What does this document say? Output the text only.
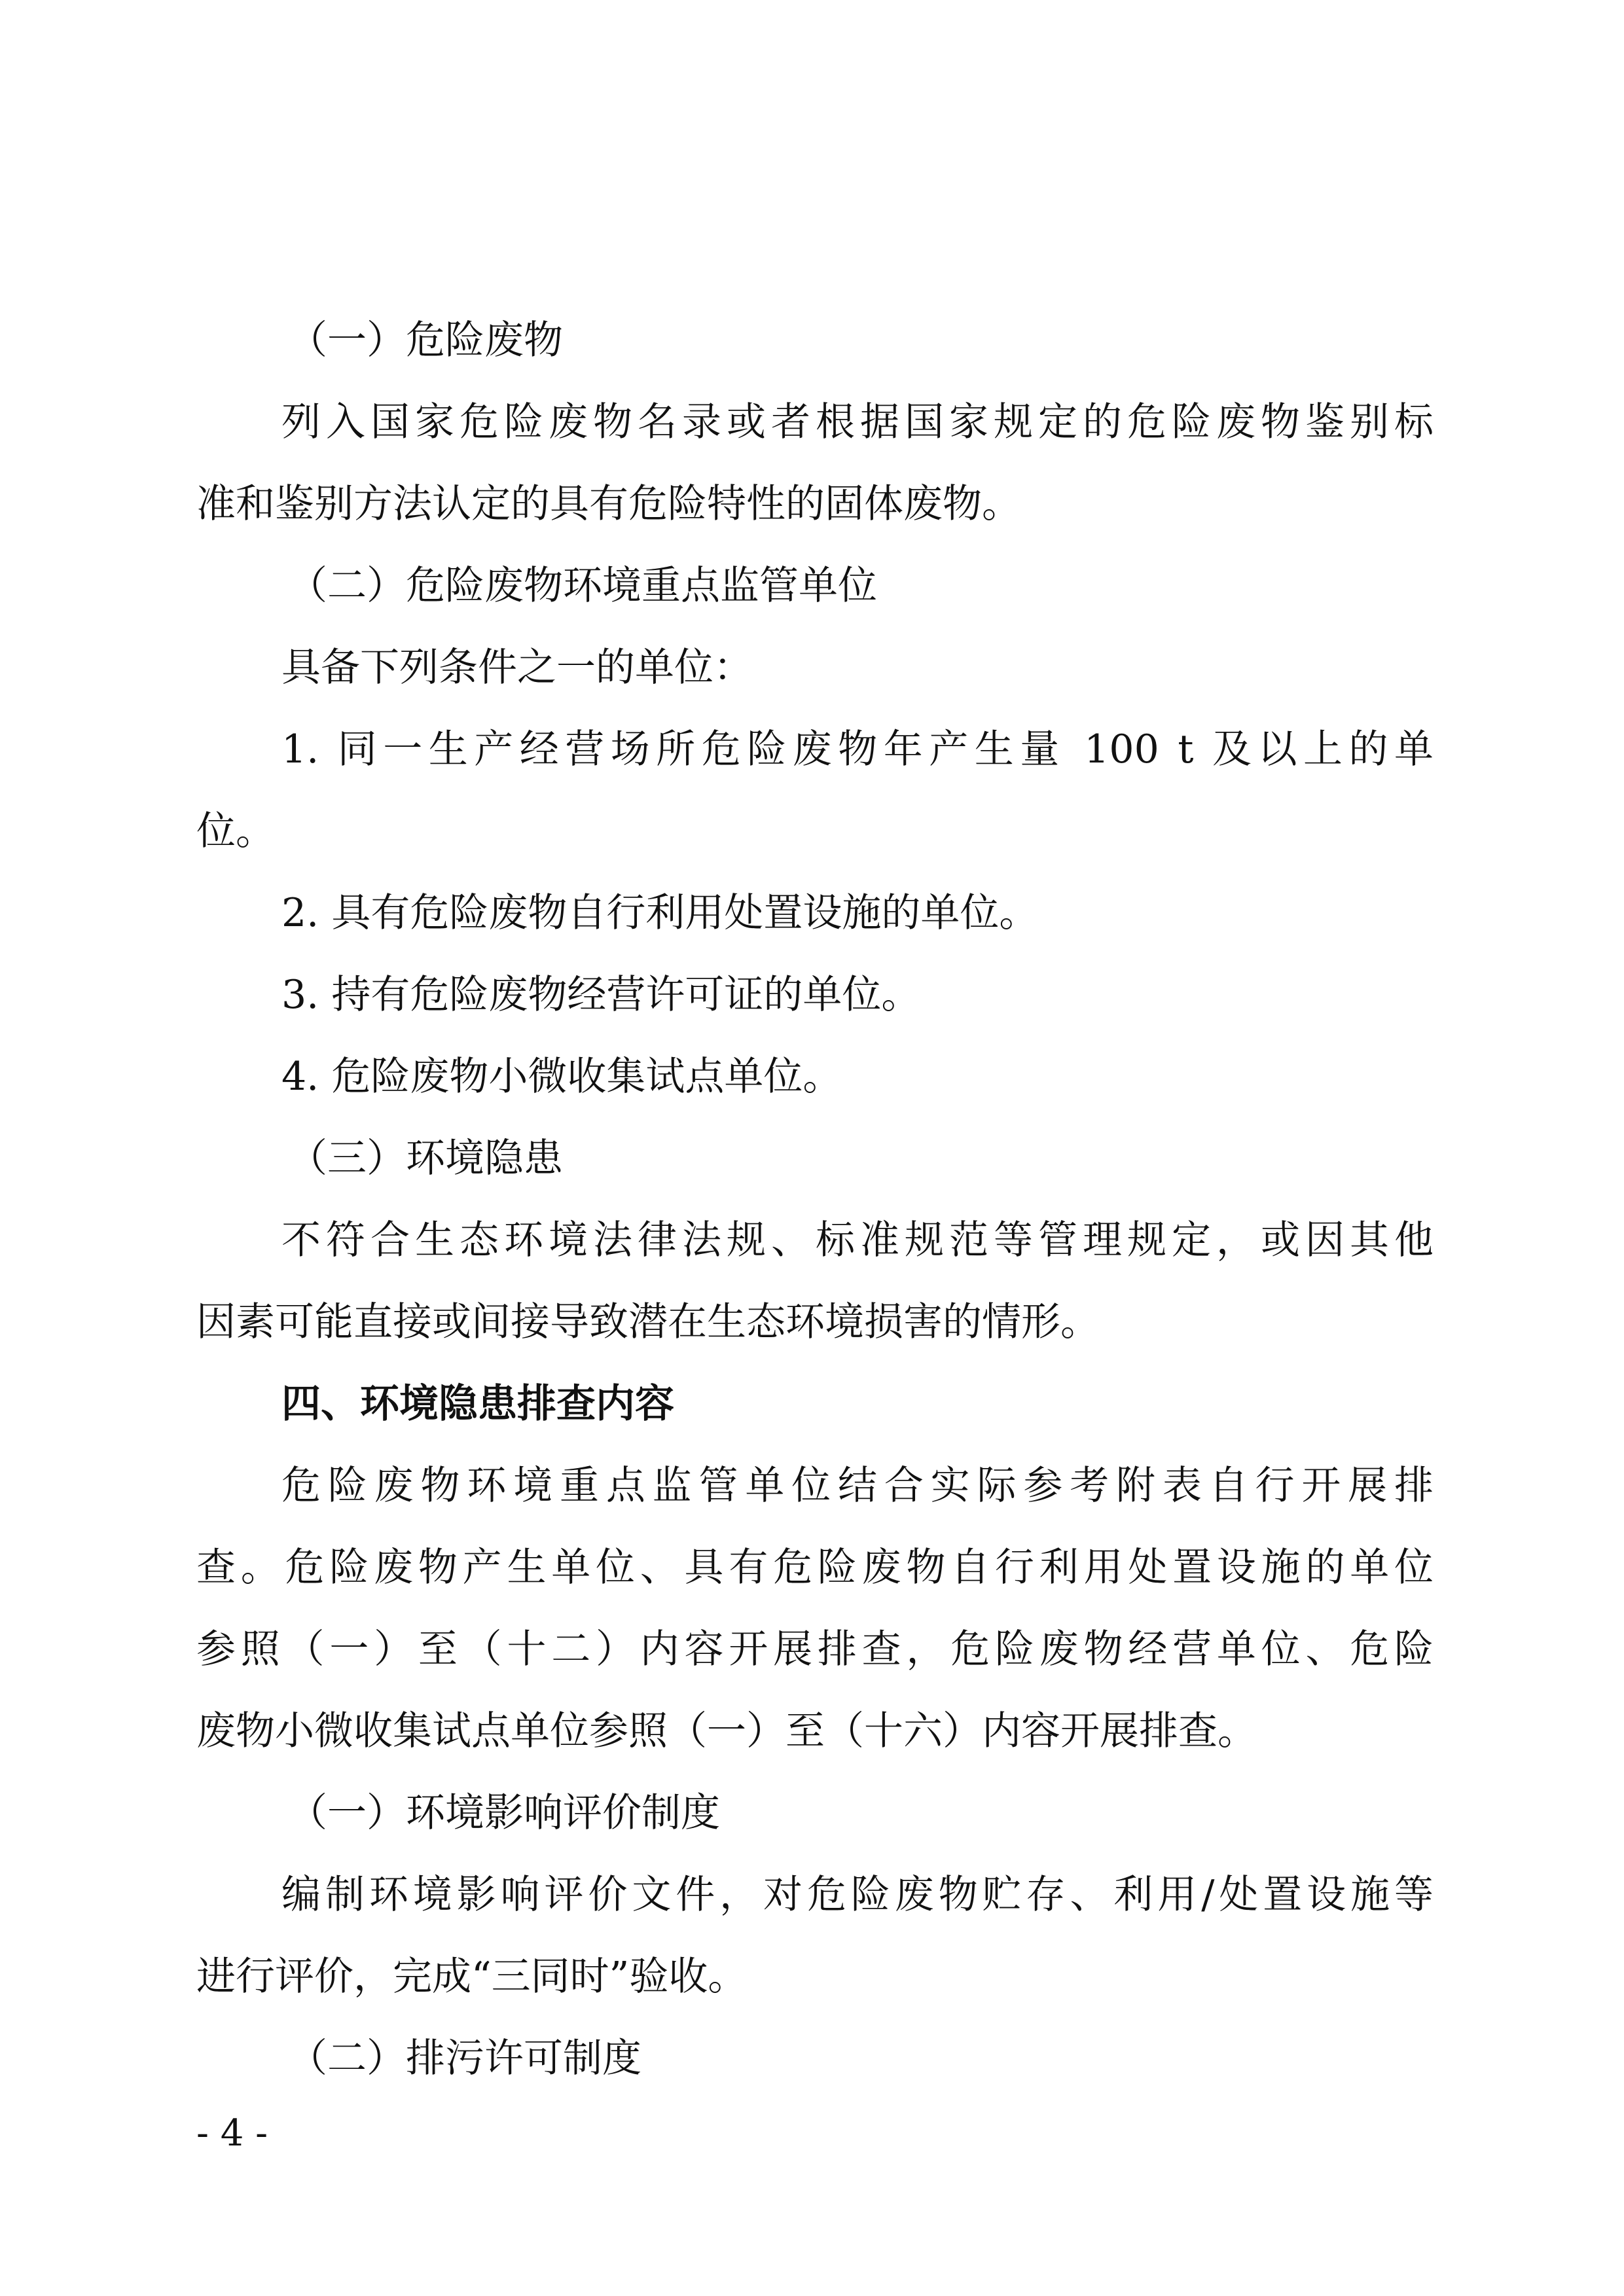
（一）危险废物
列入国家危险废物名录或者根据国家规定的危险废物鉴别标
准和鉴别方法认定的具有危险特性的固体废物。
（二）危险废物环境重点监管单位
具备下列条件之一的单位：
1. 同一生产经营场所危险废物年产生量 100 t 及以上的单
位。
2. 具有危险废物自行利用处置设施的单位。
3. 持有危险废物经营许可证的单位。
4. 危险废物小微收集试点单位。
（三）环境隐患
不符合生态环境法律法规、标准规范等管理规定，或因其他
因素可能直接或间接导致潜在生态环境损害的情形。
四、环境隐患排查内容
危险废物环境重点监管单位结合实际参考附表自行开展排
查。危险废物产生单位、具有危险废物自行利用处置设施的单位
参照（一）至（十二）内容开展排查，危险废物经营单位、危险
废物小微收集试点单位参照（一）至（十六）内容开展排查。
（一）环境影响评价制度
编制环境影响评价文件，对危险废物贮存、利用/处置设施等
进行评价，完成“三同时”验收。
（二）排污许可制度
- 4 -
